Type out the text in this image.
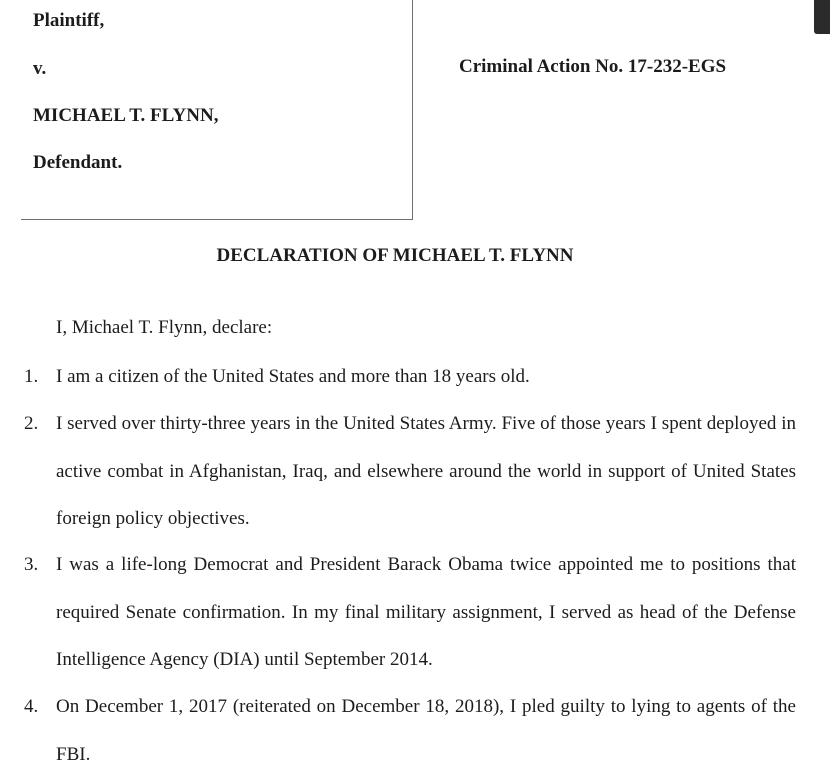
Plaintiff,
v.
MICHAEL T. FLYNN,
Defendant.
Criminal Action No. 17-232-EGS
DECLARATION OF MICHAEL T. FLYNN
I, Michael T. Flynn, declare:
1. I am a citizen of the United States and more than 18 years old.
2. I served over thirty-three years in the United States Army. Five of those years I spent deployed in active combat in Afghanistan, Iraq, and elsewhere around the world in support of United States foreign policy objectives.
3. I was a life-long Democrat and President Barack Obama twice appointed me to positions that required Senate confirmation. In my final military assignment, I served as head of the Defense Intelligence Agency (DIA) until September 2014.
4. On December 1, 2017 (reiterated on December 18, 2018), I pled guilty to lying to agents of the FBI.
